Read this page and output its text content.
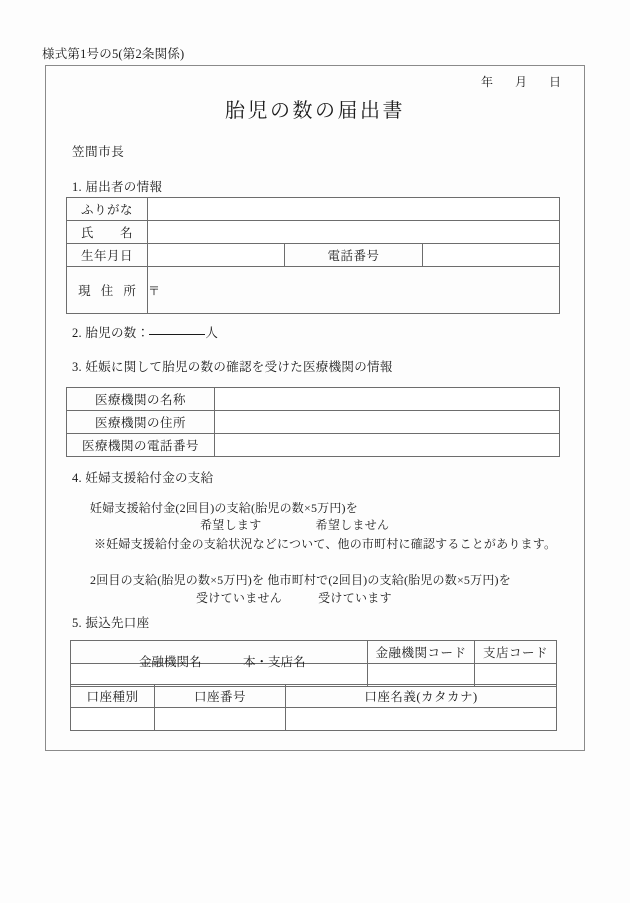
様式第1号の5(第2条関係)
年　月　日
胎児の数の届出書
笠間市長
1. 届出者の情報
2. 胎児の数：	人
3. 妊娠に関して胎児の数の確認を受けた医療機関の情報
4. 妊婦支援給付金の支給
妊婦支援給付金(2回目)の支給(胎児の数×5万円)を
希望します	希望しません
※妊婦支援給付金の支給状況などについて、他の市町村に確認することがあります。
2回目の支給(胎児の数×5万円)を 他市町村で(2回目)の支給(胎児の数×5万円)を
受けていません	受けています
5. 振込先口座
ふりがな			
氏　　名			
生年月日		電話番号	
現 住 所	〒		
医療機関の名称	
医療機関の住所	
医療機関の電話番号	
金融機関名 本・支店名	金融機関コード	支店コード

口座種別	口座番号	口座名義(カタカナ)
